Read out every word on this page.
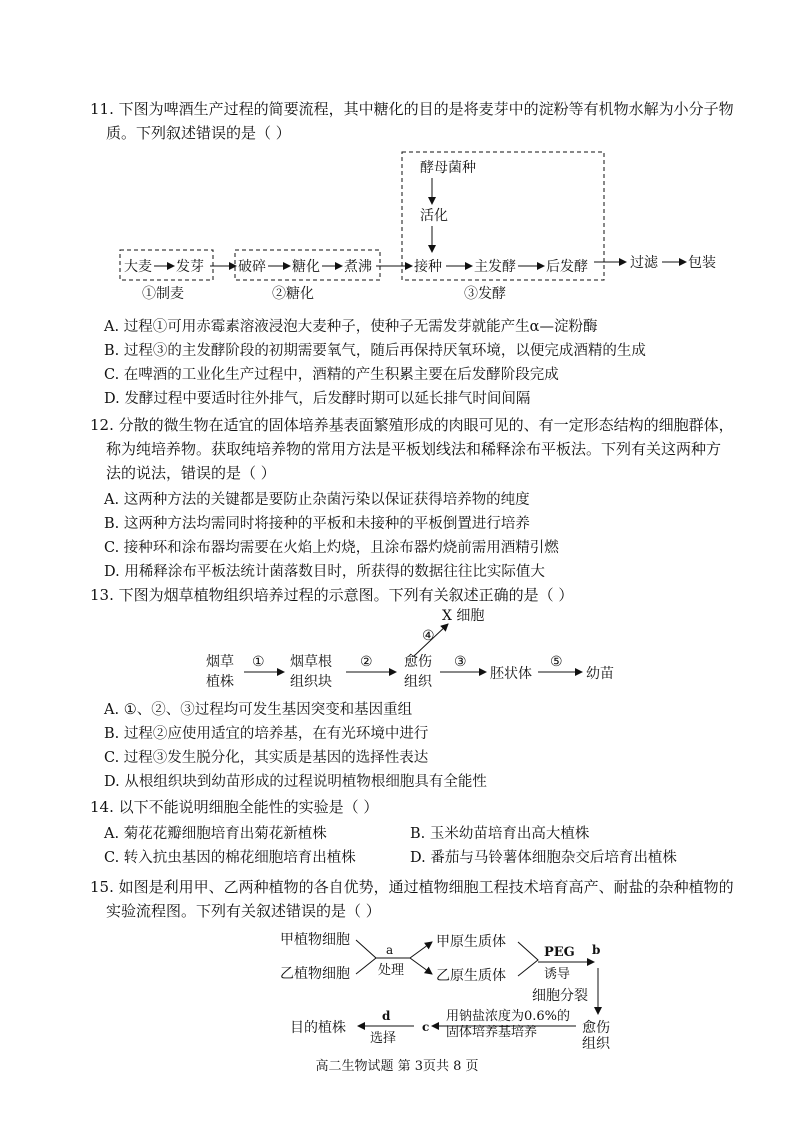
11. 下图为啤酒生产过程的简要流程，其中糖化的目的是将麦芽中的淀粉等有机物水解为小分子物
质。下列叙述错误的是（ ）
酵母菌种
活化
大麦 发芽 破碎 糖化 煮沸	接种 主发酵 后发酵	过滤 包装
①制麦	②糖化	③发酵
A. 过程①可用赤霉素溶液浸泡大麦种子，使种子无需发芽就能产生α—淀粉酶
B. 过程③的主发酵阶段的初期需要氧气，随后再保持厌氧环境，以便完成酒精的生成
C. 在啤酒的工业化生产过程中，酒精的产生积累主要在后发酵阶段完成
D. 发酵过程中要适时往外排气，后发酵时期可以延长排气时间间隔
12. 分散的微生物在适宜的固体培养基表面繁殖形成的肉眼可见的、有一定形态结构的细胞群体，
称为纯培养物。获取纯培养物的常用方法是平板划线法和稀释涂布平板法。下列有关这两种方
法的说法，错误的是（ ）
A. 这两种方法的关键都是要防止杂菌污染以保证获得培养物的纯度
B. 这两种方法均需同时将接种的平板和未接种的平板倒置进行培养
C. 接种环和涂布器均需要在火焰上灼烧，且涂布器灼烧前需用酒精引燃
D. 用稀释涂布平板法统计菌落数目时，所获得的数据往往比实际值大
13. 下图为烟草植物组织培养过程的示意图。下列有关叙述正确的是（ ）
X 细胞
④
烟草
植株
① 烟草根
组织块
② 愈伤
组织
③
胚状体
⑤
幼苗
A. ①、②、③过程均可发生基因突变和基因重组
B. 过程②应使用适宜的培养基，在有光环境中进行
C. 过程③发生脱分化，其实质是基因的选择性表达
D. 从根组织块到幼苗形成的过程说明植物根细胞具有全能性
14. 以下不能说明细胞全能性的实验是（ ）
A. 菊花花瓣细胞培育出菊花新植株	B. 玉米幼苗培育出高大植株
C. 转入抗虫基因的棉花细胞培育出植株	D. 番茄与马铃薯体细胞杂交后培育出植株
15. 如图是利用甲、乙两种植物的各自优势，通过植物细胞工程技术培育高产、耐盐的杂种植物的
实验流程图。下列有关叙述错误的是（ ）
甲植物细胞
乙植物细胞
a
处理
甲原生质体
乙原生质体
PEG
诱导
b
细胞分裂
愈伤
组织
用钠盐浓度为0.6%的
固体培养基培养
c
d
选择
目的植株
高二生物试题 第 3页共 8 页
